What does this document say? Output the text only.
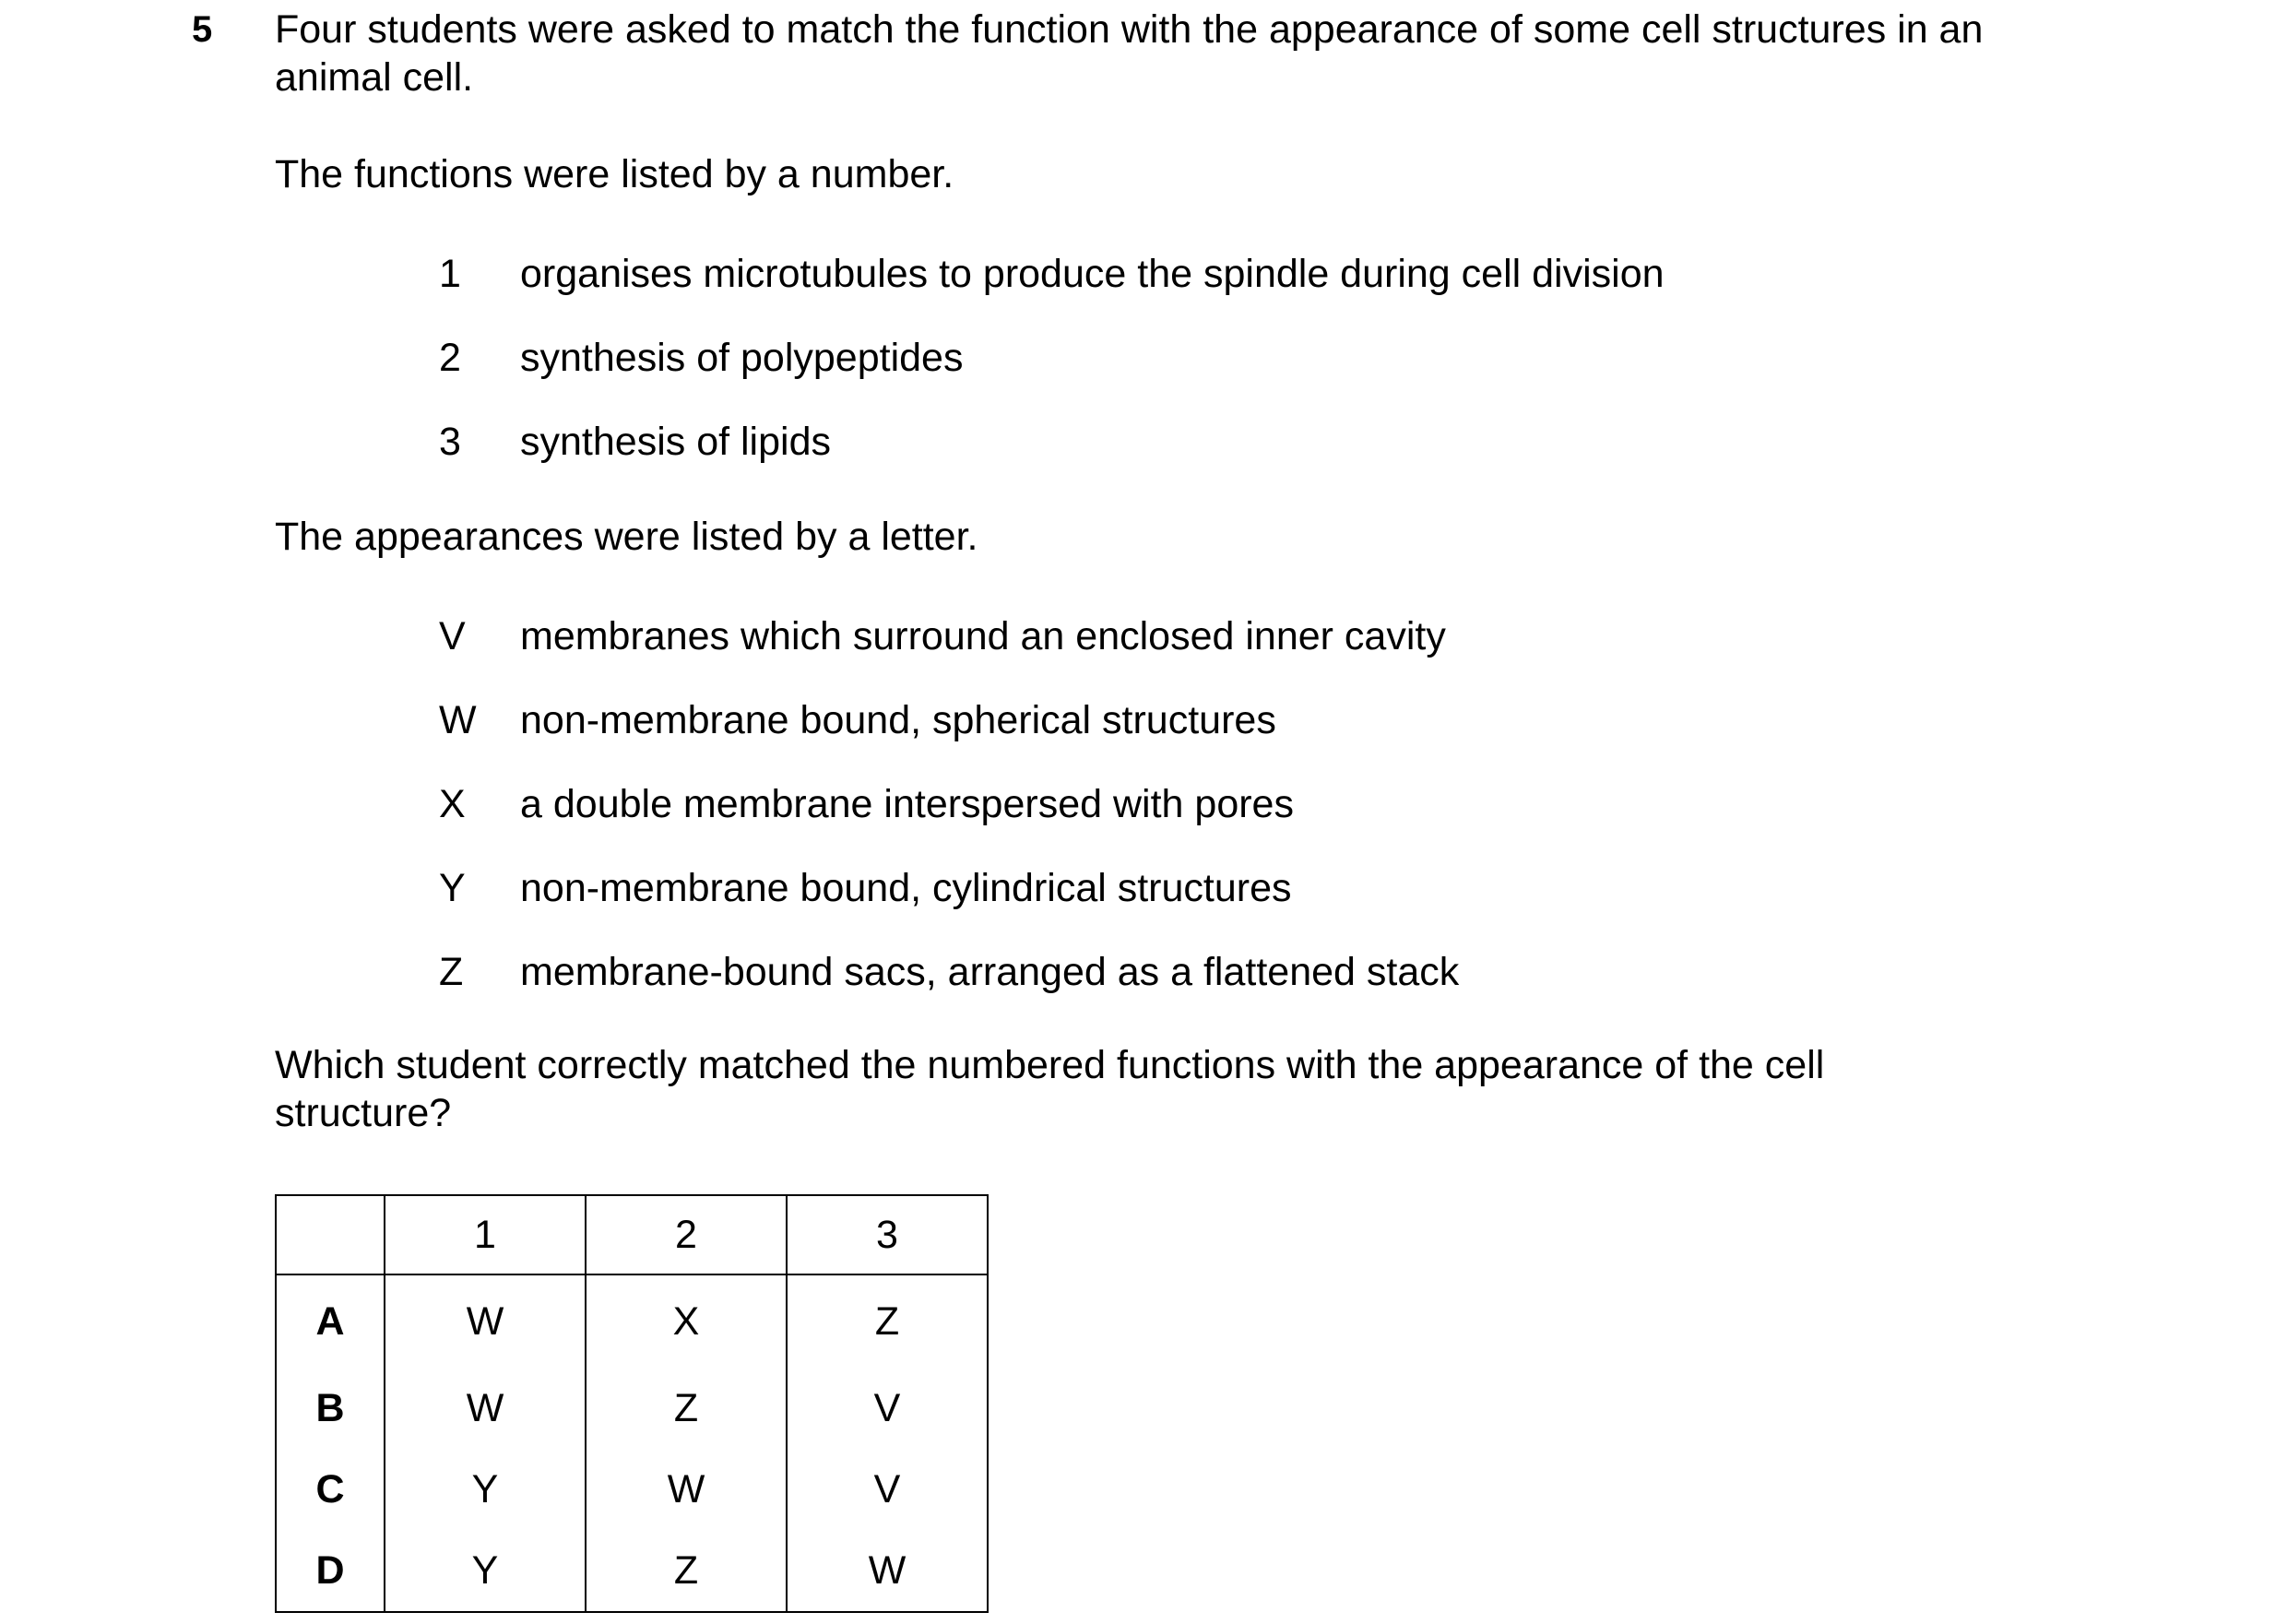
5 Four students were asked to match the function with the appearance of some cell structures in an
animal cell.
The functions were listed by a number.
1	organises microtubules to produce the spindle during cell division
2	synthesis of polypeptides
3	synthesis of lipids
The appearances were listed by a letter.
V	membranes which surround an enclosed inner cavity
W	non-membrane bound, spherical structures
X	a double membrane interspersed with pores
Y	non-membrane bound, cylindrical structures
Z	membrane-bound sacs, arranged as a flattened stack
Which student correctly matched the numbered functions with the appearance of the cell
structure?
	1	2	3
A	W	X	Z
B	W	Z	V
C	Y	W	V
D	Y	Z	W
